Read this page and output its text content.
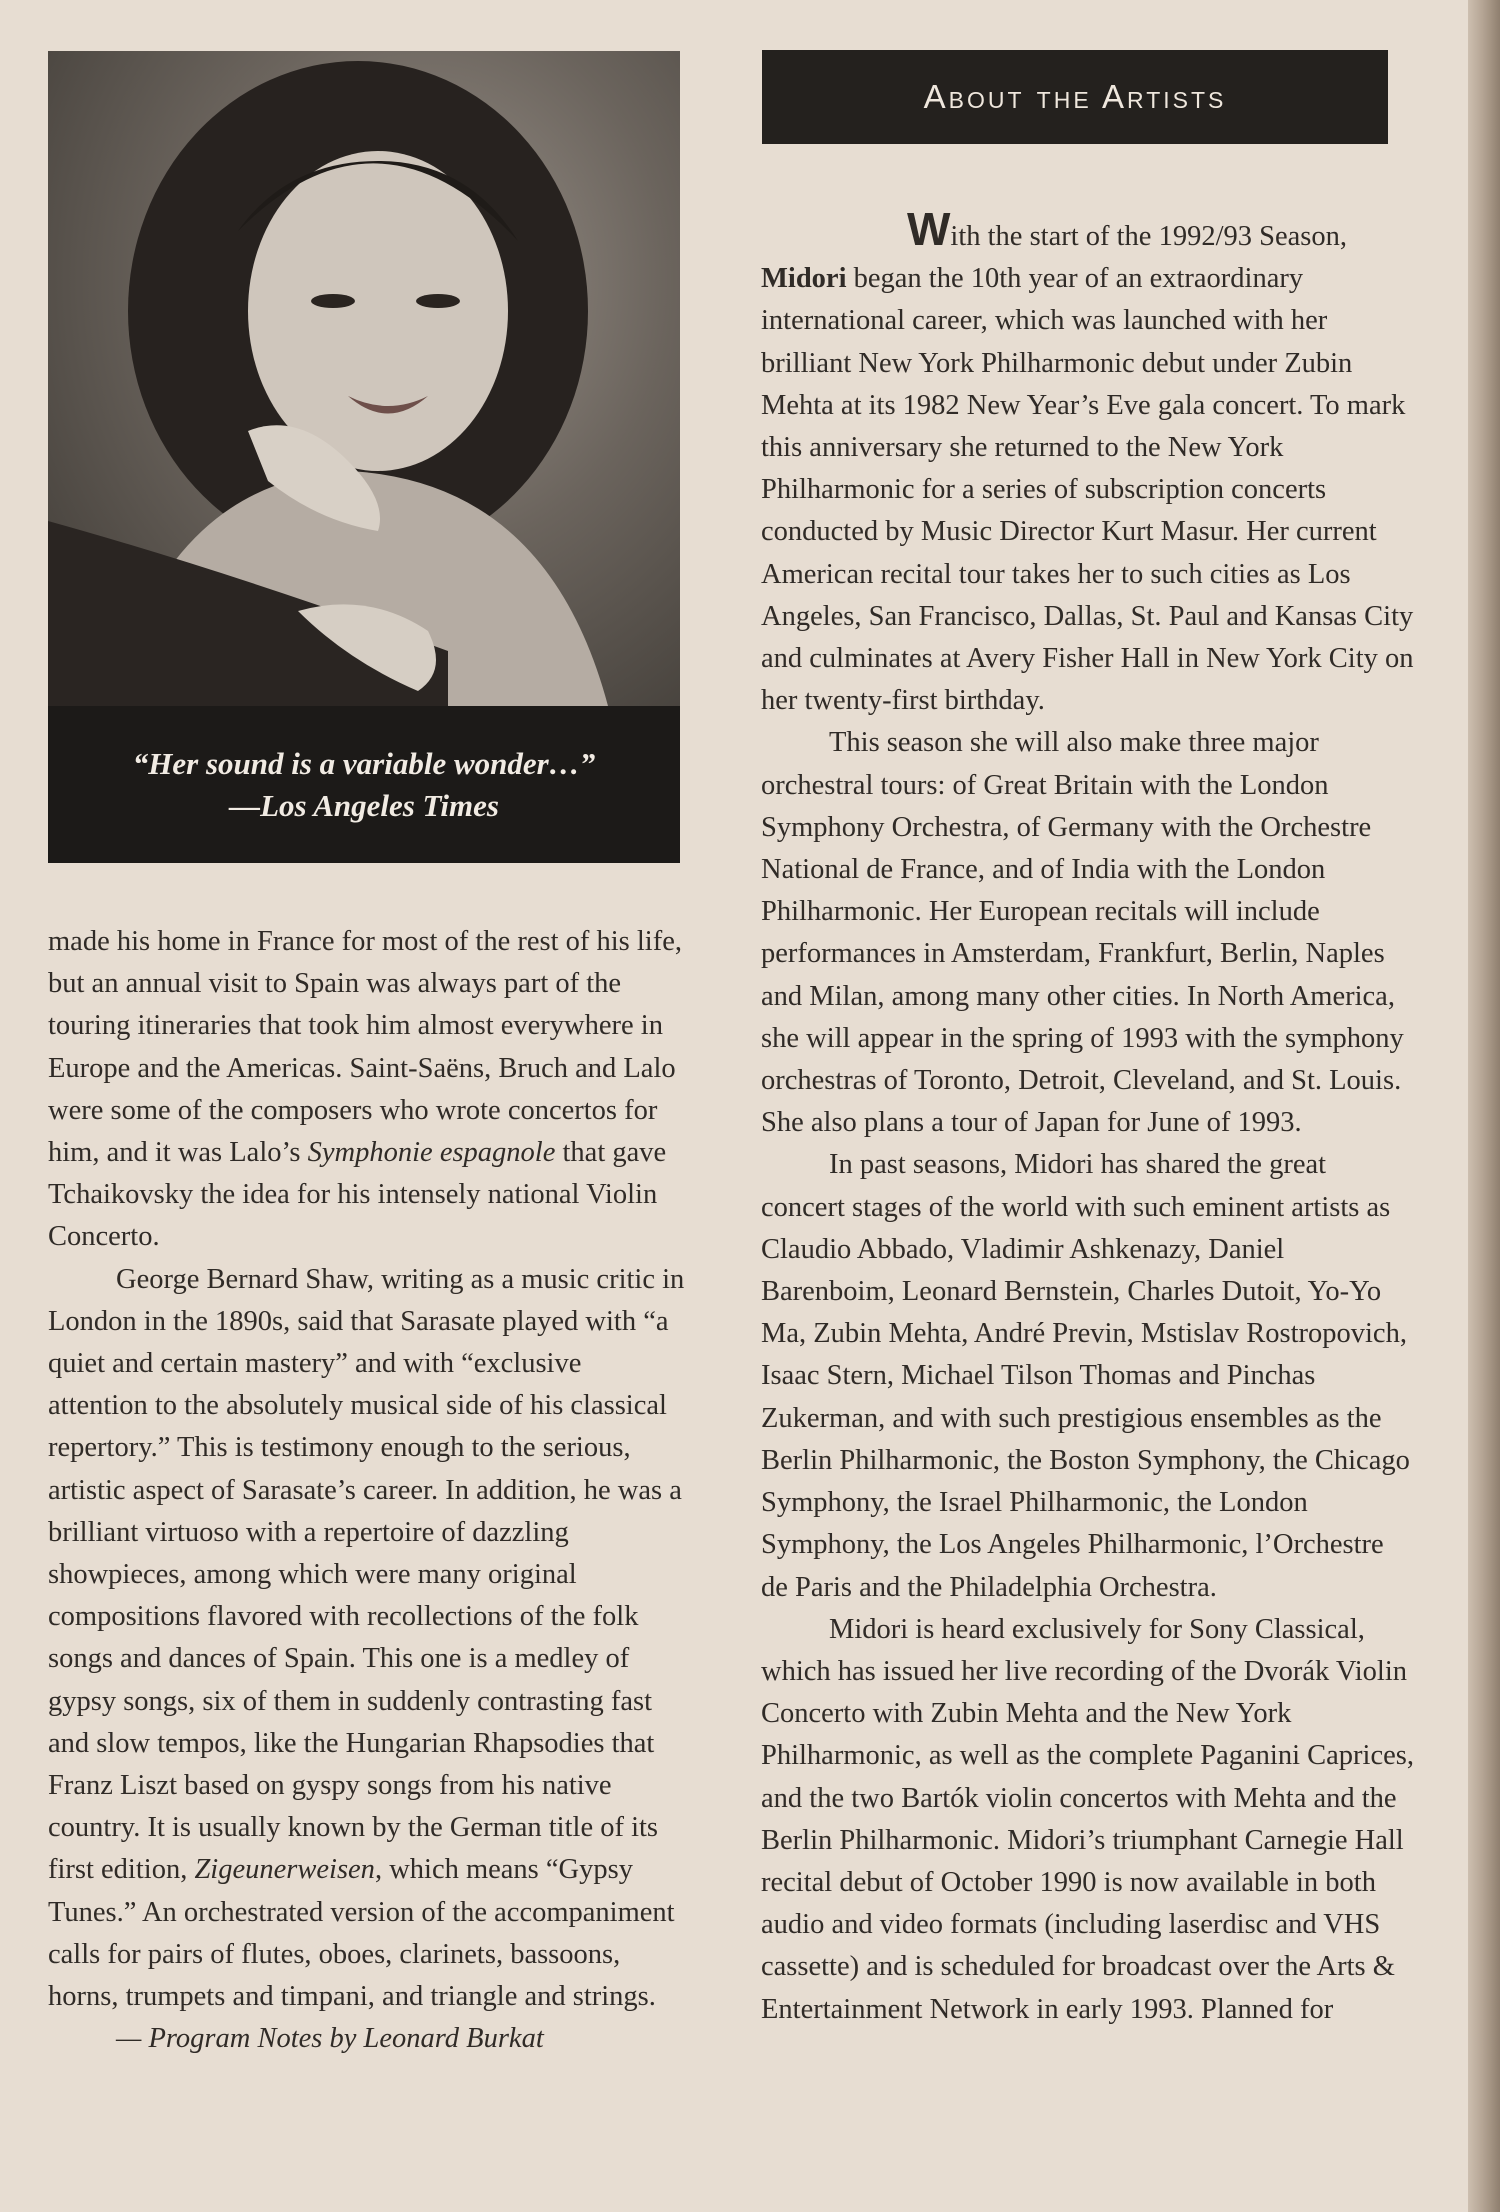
“Her sound is a variable wonder…”
—Los Angeles Times
About the Artists

made his home in France for most of the rest of his life, but an annual visit to Spain was always part of the touring itineraries that took him almost everywhere in Europe and the Americas. Saint-Saëns, Bruch and Lalo were some of the composers who wrote concertos for him, and it was Lalo’s Symphonie espagnole that gave Tchaikovsky the idea for his intensely national Violin Concerto.

George Bernard Shaw, writing as a music critic in London in the 1890s, said that Sarasate played with “a quiet and certain mastery” and with “exclusive attention to the absolutely musical side of his classical repertory.” This is testimony enough to the serious, artistic aspect of Sarasate’s career. In addition, he was a brilliant virtuoso with a repertoire of dazzling showpieces, among which were many original compositions flavored with recollections of the folk songs and dances of Spain. This one is a medley of gypsy songs, six of them in suddenly contrasting fast and slow tempos, like the Hungarian Rhapsodies that Franz Liszt based on gyspy songs from his native country. It is usually known by the German title of its first edition, Zigeunerweisen, which means “Gypsy Tunes.” An orchestrated version of the accompaniment calls for pairs of flutes, oboes, clarinets, bassoons, horns, trumpets and timpani, and triangle and strings.

— Program Notes by Leonard Burkat

With the start of the 1992/93 Season, Midori began the 10th year of an extraordinary international career, which was launched with her brilliant New York Philharmonic debut under Zubin Mehta at its 1982 New Year’s Eve gala concert. To mark this anniversary she returned to the New York Philharmonic for a series of subscription concerts conducted by Music Director Kurt Masur. Her current American recital tour takes her to such cities as Los Angeles, San Francisco, Dallas, St. Paul and Kansas City and culminates at Avery Fisher Hall in New York City on her twenty-first birthday.

This season she will also make three major orchestral tours: of Great Britain with the London Symphony Orchestra, of Germany with the Orchestre National de France, and of India with the London Philharmonic. Her European recitals will include performances in Amsterdam, Frankfurt, Berlin, Naples and Milan, among many other cities. In North America, she will appear in the spring of 1993 with the symphony orchestras of Toronto, Detroit, Cleveland, and St. Louis. She also plans a tour of Japan for June of 1993.

In past seasons, Midori has shared the great concert stages of the world with such eminent artists as Claudio Abbado, Vladimir Ashkenazy, Daniel Barenboim, Leonard Bernstein, Charles Dutoit, Yo-Yo Ma, Zubin Mehta, André Previn, Mstislav Rostropovich, Isaac Stern, Michael Tilson Thomas and Pinchas Zukerman, and with such prestigious ensembles as the Berlin Philharmonic, the Boston Symphony, the Chicago Symphony, the Israel Philharmonic, the London Symphony, the Los Angeles Philharmonic, l’Orchestre de Paris and the Philadelphia Orchestra.

Midori is heard exclusively for Sony Classical, which has issued her live recording of the Dvorák Violin Concerto with Zubin Mehta and the New York Philharmonic, as well as the complete Paganini Caprices, and the two Bartók violin concertos with Mehta and the Berlin Philharmonic. Midori’s triumphant Carnegie Hall recital debut of October 1990 is now available in both audio and video formats (including laserdisc and VHS cassette) and is scheduled for broadcast over the Arts & Entertainment Network in early 1993. Planned for
